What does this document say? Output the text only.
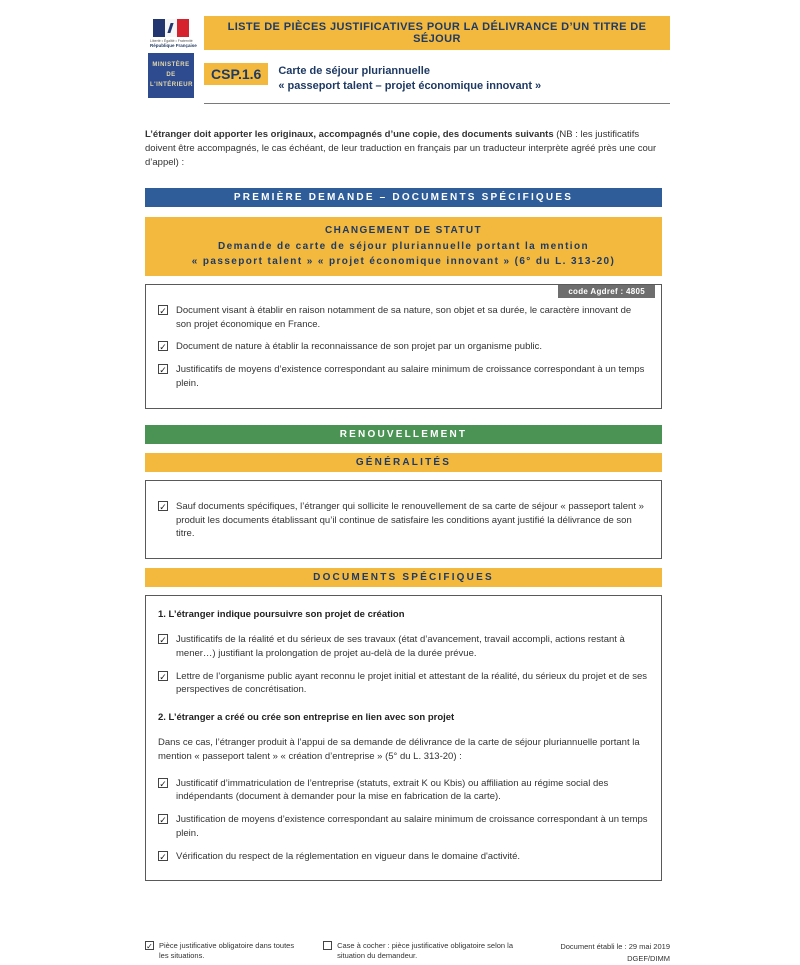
Liberté • Égalité • Fraternité
République Française
MINISTÈRE
DE
L'INTÉRIEUR
LISTE DE PIÈCES JUSTIFICATIVES POUR LA DÉLIVRANCE D’UN TITRE DE SÉJOUR
CSP.1.6	Carte de séjour pluriannuelle
« passeport talent – projet économique innovant »

L’étranger doit apporter les originaux, accompagnés d’une copie, des documents suivants (NB : les justificatifs doivent être accompagnés, le cas échéant, de leur traduction en français par un traducteur interprète agréé près une cour d’appel) :

PREMIÈRE DEMANDE – DOCUMENTS SPÉCIFIQUES
CHANGEMENT DE STATUT
Demande de carte de séjour pluriannuelle portant la mention
« passeport talent » « projet économique innovant » (6° du L. 313-20)
code Agdref : 4805
✓ Document visant à établir en raison notamment de sa nature, son objet et sa durée, le caractère innovant de son projet économique en France.
✓ Document de nature à établir la reconnaissance de son projet par un organisme public.
✓ Justificatifs de moyens d’existence correspondant au salaire minimum de croissance correspondant à un temps plein.
RENOUVELLEMENT
GÉNÉRALITÉS
✓ Sauf documents spécifiques, l’étranger qui sollicite le renouvellement de sa carte de séjour « passeport talent » produit les documents établissant qu’il continue de satisfaire les conditions ayant justifié la délivrance de son titre.
DOCUMENTS SPÉCIFIQUES
1. L’étranger indique poursuivre son projet de création
✓ Justificatifs de la réalité et du sérieux de ses travaux (état d’avancement, travail accompli, actions restant à mener…) justifiant la prolongation de projet au-delà de la durée prévue.
✓ Lettre de l’organisme public ayant reconnu le projet initial et attestant de la réalité, du sérieux du projet et de ses perspectives de concrétisation.
2. L’étranger a créé ou crée son entreprise en lien avec son projet

Dans ce cas, l’étranger produit à l’appui de sa demande de délivrance de la carte de séjour pluriannuelle portant la mention « passeport talent » « création d’entreprise » (5° du L. 313-20) :

✓ Justificatif d’immatriculation de l’entreprise (statuts, extrait K ou Kbis) ou affiliation au régime social des indépendants (document à demander pour la mise en fabrication de la carte).
✓ Justification de moyens d’existence correspondant au salaire minimum de croissance correspondant à un temps plein.
✓ Vérification du respect de la réglementation en vigueur dans le domaine d'activité.
✓ Pièce justificative obligatoire dans toutes les situations.
Case à cocher : pièce justificative obligatoire selon la situation du demandeur.
Document établi le : 29 mai 2019
DGEF/DIMM
